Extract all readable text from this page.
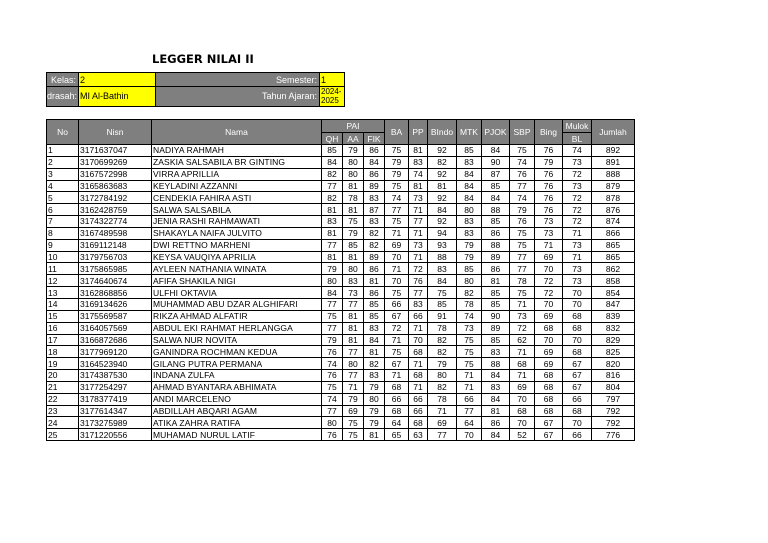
LEGGER NILAI II
Kelas: 2	Semester: 1
drasah: MI Al-Bathin	Tahun Ajaran: 2024-2025
No	Nisn	Nama	PAI			BA	PP	BIndo	MTK	PJOK	SBP	Bing	Mulok	Jumlah
			QH	AA	FIK								BL	
1	3171637047	NADIYA RAHMAH	85	79	86	75	81	92	85	84	75	76	74	892
2	3170699269	ZASKIA SALSABILA BR GINTING	84	80	84	79	83	82	83	90	74	79	73	891
3	3167572998	VIRRA APRILLIA	82	80	86	79	74	92	84	87	76	76	72	888
4	3165863683	KEYLADINI AZZANNI	77	81	89	75	81	81	84	85	77	76	73	879
5	3172784192	CENDEKIA FAHIRA ASTI	82	78	83	74	73	92	84	84	74	76	72	878
6	3162428759	SALWA SALSABILA	81	81	87	77	71	84	80	88	79	76	72	876
7	3174322774	JENIA RASHI RAHMAWATI	83	75	83	75	77	92	83	85	76	73	72	874
8	3167489598	SHAKAYLA NAIFA JULVITO	81	79	82	71	71	94	83	86	75	73	71	866
9	3169112148	DWI RETTNO MARHENI	77	85	82	69	73	93	79	88	75	71	73	865
10	3179756703	KEYSA VAUQIYA APRILIA	81	81	89	70	71	88	79	89	77	69	71	865
11	3175865985	AYLEEN NATHANIA WINATA	79	80	86	71	72	83	85	86	77	70	73	862
12	3174640674	AFIFA SHAKILA NIGI	80	83	81	70	76	84	80	81	78	72	73	858
13	3162868856	ULFHI OKTAVIA	84	73	86	75	77	75	82	85	75	72	70	854
14	3169134626	MUHAMMAD ABU DZAR ALGHIFARI	77	77	85	66	83	85	78	85	71	70	70	847
15	3175569587	RIKZA AHMAD ALFATIR	75	81	85	67	66	91	74	90	73	69	68	839
16	3164057569	ABDUL EKI RAHMAT HERLANGGA	77	81	83	72	71	78	73	89	72	68	68	832
17	3166872686	SALWA NUR NOVITA	79	81	84	71	70	82	75	85	62	70	70	829
18	3177969120	GANINDRA ROCHMAN KEDUA	76	77	81	75	68	82	75	83	71	69	68	825
19	3164523940	GILANG PUTRA PERMANA	74	80	82	67	71	79	75	88	68	69	67	820
20	3174387530	INDANA ZULFA	76	77	83	71	68	80	71	84	71	68	67	816
21	3177254297	AHMAD BYANTARA ABHIMATA	75	71	79	68	71	82	71	83	69	68	67	804
22	3178377419	ANDI MARCELENO	74	79	80	66	66	78	66	84	70	68	66	797
23	3177614347	ABDILLAH ABQARI AGAM	77	69	79	68	66	71	77	81	68	68	68	792
24	3173275989	ATIKA ZAHRA RATIFA	80	75	79	64	68	69	64	86	70	67	70	792
25	3171220556	MUHAMAD NURUL LATIF	76	75	81	65	63	77	70	84	52	67	66	776
